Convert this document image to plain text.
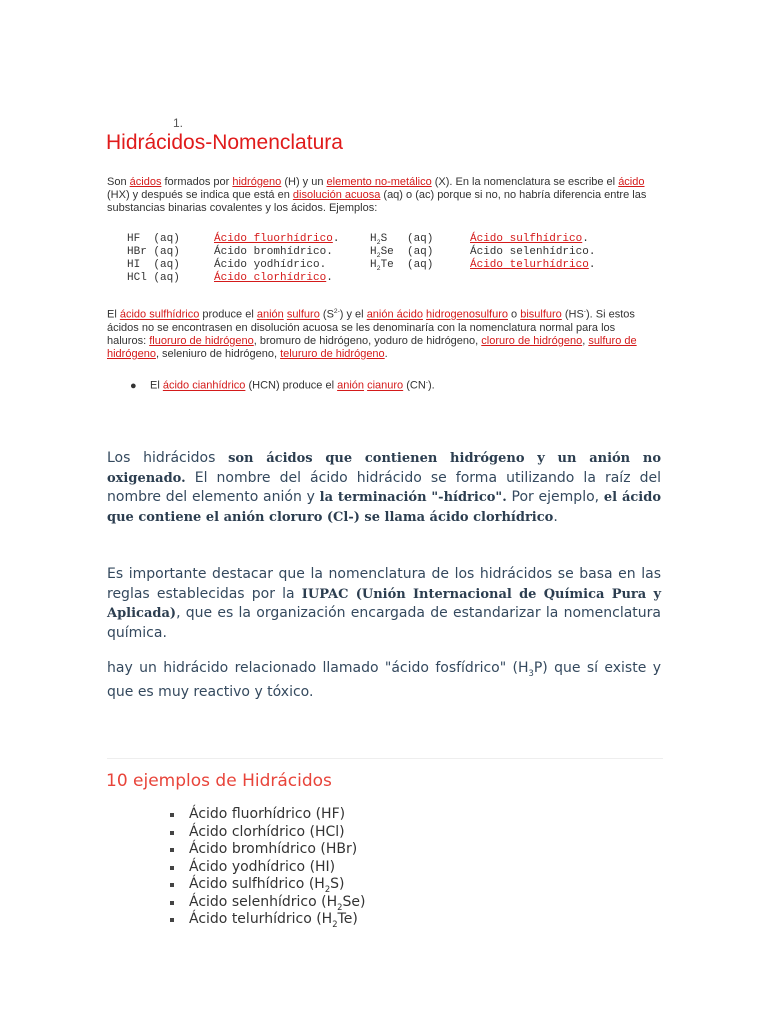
1.
Hidrácidos-Nomenclatura
Son ácidos formados por hidrógeno (H) y un elemento no-metálico (X). En la nomenclatura se escribe el ácido (HX) y después se indica que está en disolución acuosa (aq) o (ac) porque si no, no habría diferencia entre las substancias binarias covalentes y los ácidos. Ejemplos:
HF  (aq)	Ácido fluorhídrico.
HBr (aq)	Ácido bromhídrico.
HI  (aq)	Ácido yodhídrico.
HCl (aq)	Ácido clorhídrico.
$H_2S$   (aq)	Ácido sulfhídrico.
$H_2Se$  (aq)	Ácido selenhídrico.
$H_2Te$  (aq)	Ácido telurhídrico.
El ácido sulfhídrico produce el anión sulfuro $(S^{2-})$ y el anión ácido hidrogenosulfuro o bisulfuro (HS-). Si estos ácidos no se encontrasen en disolución acuosa se les denominaría con la nomenclatura normal para los haluros: fluoruro de hidrógeno, bromuro de hidrógeno, yoduro de hidrógeno, cloruro de hidrógeno, sulfuro de hidrógeno, seleniuro de hidrógeno, telururo de hidrógeno.
● El ácido cianhídrico (HCN) produce el anión cianuro (CN-).
Los hidrácidos son ácidos que contienen hidrógeno y un anión no oxigenado. El nombre del ácido hidrácido se forma utilizando la raíz del nombre del elemento anión y la terminación "-hídrico". Por ejemplo, el ácido que contiene el anión cloruro (Cl-) se llama ácido clorhídrico.
Es importante destacar que la nomenclatura de los hidrácidos se basa en las reglas establecidas por la IUPAC (Unión Internacional de Química Pura y Aplicada), que es la organización encargada de estandarizar la nomenclatura química.
hay un hidrácido relacionado llamado "ácido fosfídrico" $(H_3P)$ que sí existe y que es muy reactivo y tóxico.
10 ejemplos de Hidrácidos
Ácido fluorhídrico (HF)
Ácido clorhídrico (HCl)
Ácido bromhídrico (HBr)
Ácido yodhídrico (HI)
Ácido sulfhídrico $(H_2S)$
Ácido selenhídrico $(H_2Se)$
Ácido telurhídrico $(H_2Te)$
